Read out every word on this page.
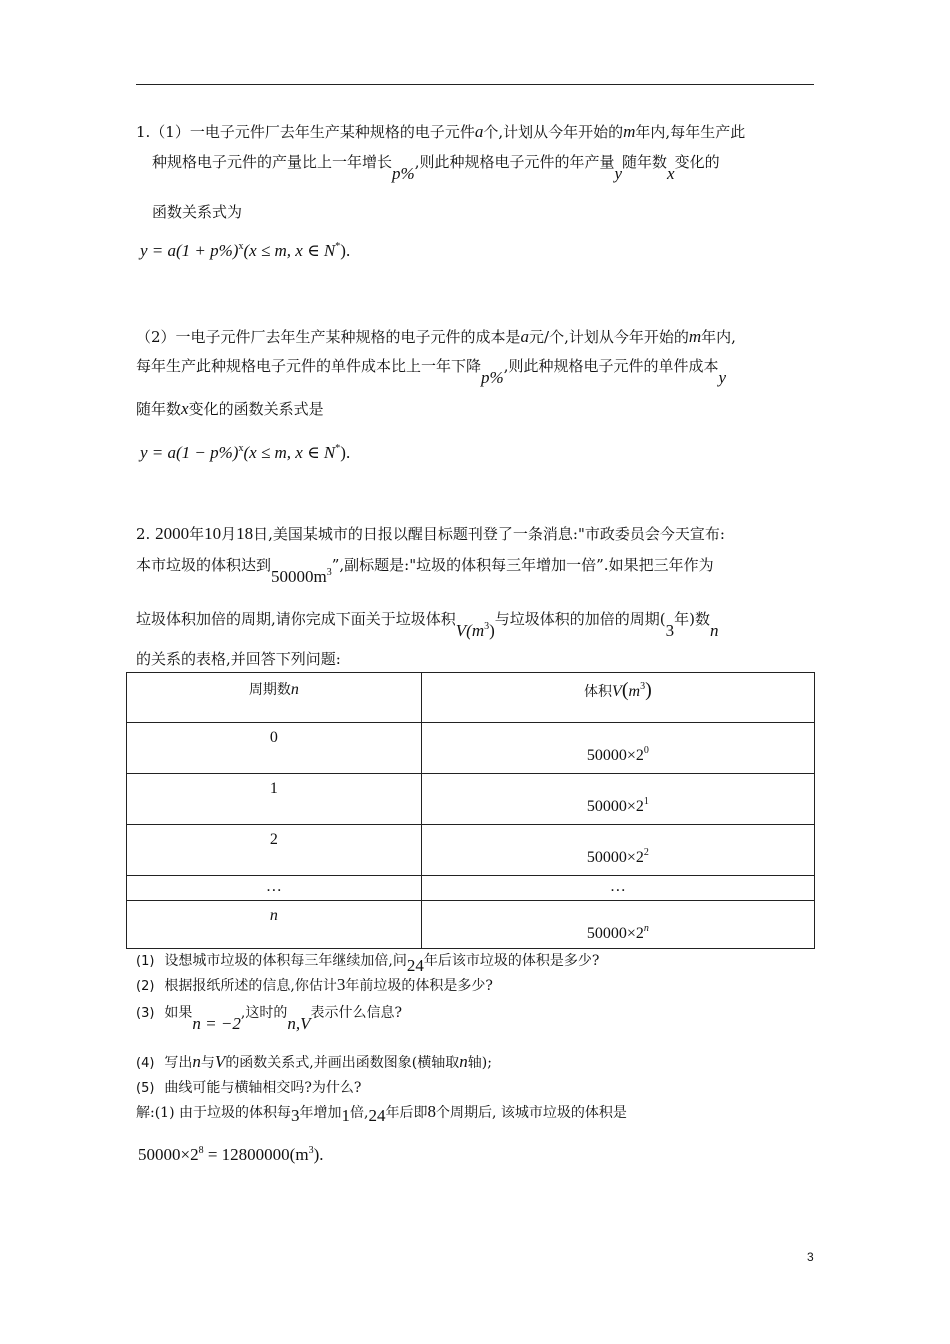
1.（1）一电子元件厂去年生产某种规格的电子元件a个,计划从今年开始的m年内,每年生产此
种规格电子元件的产量比上一年增长p%,则此种规格电子元件的年产量y随年数x变化的
函数关系式为
$y = a(1 + p\%)^x(x \le m$, x ∈ N*).
（2）一电子元件厂去年生产某种规格的电子元件的成本是a元/个,计划从今年开始的m年内,
每年生产此种规格电子元件的单件成本比上一年下降p%,则此种规格电子元件的单件成本y
随年数x变化的函数关系式是
$y = a(1 - p\%)^x(x \le m$, x ∈ N*).
2. 2000年10月18日,美国某城市的日报以醒目标题刊登了一条消息:"市政委员会今天宣布:
本市垃圾的体积达到$50000m^3$”,副标题是:"垃圾的体积每三年增加一倍”.如果把三年作为
垃圾体积加倍的周期,请你完成下面关于垃圾体积$V(m^3)$与垃圾体积的加倍的周期(3年)数n
的关系的表格,并回答下列问题:
周期数n	体积$V(m^3)$
0	$50000\times 2^0$
1	$50000\times 2^1$
2	$50000\times 2^2$
…	…
n	$50000\times 2^n$
(1) 设想城市垃圾的体积每三年继续加倍,问24年后该市垃圾的体积是多少?
(2) 根据报纸所述的信息,你估计3年前垃圾的体积是多少?
(3) 如果n = −2,这时的n,V表示什么信息?
(4) 写出n与V的函数关系式,并画出函数图象(横轴取n轴);
(5) 曲线可能与横轴相交吗?为什么?
解:(1) 由于垃圾的体积每3年增加1倍,24年后即8个周期后, 该城市垃圾的体积是
$50000\times 2^8 = 12800000(m^3)$.
3
